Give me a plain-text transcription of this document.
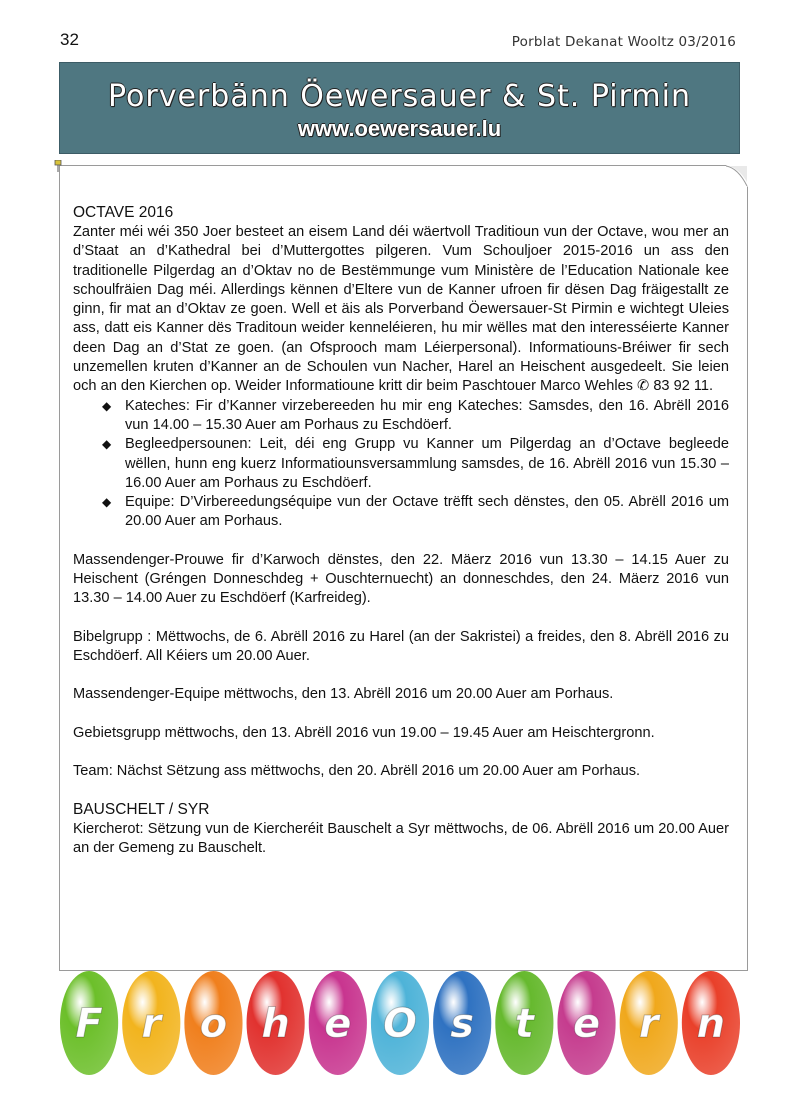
32	Porblat Dekanat Wooltz 03/2016
Porverbänn Öewersauer & St. Pirmin
www.oewersauer.lu
OCTAVE 2016

Zanter méi wéi 350 Joer besteet an eisem Land déi wäertvoll Traditioun vun der Octave, wou mer an d’Staat an d’Kathedral bei d’Muttergottes pilgeren. Vum Schouljoer 2015-2016 un ass den traditionelle Pilgerdag an d’Oktav no de Bestëmmunge vum Ministère de l’Education Nationale kee schoulfräien Dag méi. Allerdings kënnen d’Eltere vun de Kanner ufroen fir dësen Dag fräigestallt ze ginn, fir mat an d’Oktav ze goen. Well et äis als Porverband Öewersauer-St Pirmin e wichtegt Uleies ass, datt eis Kanner dës Traditoun weider kenneléieren, hu mir wëlles mat den interesséierte Kanner deen Dag an d’Stat ze goen. (an Ofsprooch mam Léierpersonal). Informatiouns-Bréiwer fir sech unzemellen kruten d’Kanner an de Schoulen vun Nacher, Harel an Heischent ausgedeelt. Sie leien och an den Kierchen op. Weider Informatioune kritt dir beim Paschtouer Marco Wehles ✆ 83 92 11.

◆ Kateches: Fir d’Kanner virzebereeden hu mir eng Kateches: Samsdes, den 16. Abrëll 2016 vun 14.00 – 15.30 Auer am Porhaus zu Eschdöerf.
◆ Begleedpersounen: Leit, déi eng Grupp vu Kanner um Pilgerdag an d’Octave begleede wëllen, hunn eng kuerz Informatiounsversammlung samsdes, de 16. Abrëll 2016 vun 15.30 – 16.00 Auer am Porhaus zu Eschdöerf.
◆ Equipe: D’Virbereedungséquipe vun der Octave trëfft sech dënstes, den 05. Abrëll 2016 um 20.00 Auer am Porhaus.

Massendenger-Prouwe fir d’Karwoch dënstes, den 22. Mäerz 2016 vun 13.30 – 14.15 Auer zu Heischent (Gréngen Donneschdeg + Ouschternuecht) an donneschdes, den 24. Mäerz 2016 vun 13.30 – 14.00 Auer zu Eschdöerf (Karfreideg).

Bibelgrupp : Mëttwochs, de 6. Abrëll 2016 zu Harel (an der Sakristei) a freides, den 8. Abrëll 2016 zu Eschdöerf. All Kéiers um 20.00 Auer.

Massendenger-Equipe mëttwochs, den 13. Abrëll 2016 um 20.00 Auer am Porhaus.

Gebietsgrupp mëttwochs, den 13. Abrëll 2016 vun 19.00 – 19.45 Auer am Heischtergronn.

Team: Nächst Sëtzung ass mëttwochs, den 20. Abrëll 2016 um 20.00 Auer am Porhaus.

BAUSCHELT / SYR

Kiercherot: Sëtzung vun de Kiercheréit Bauschelt a Syr mëttwochs, de 06. Abrëll 2016 um 20.00 Auer an der Gemeng zu Bauschelt.

F r o h e O s t e r n
